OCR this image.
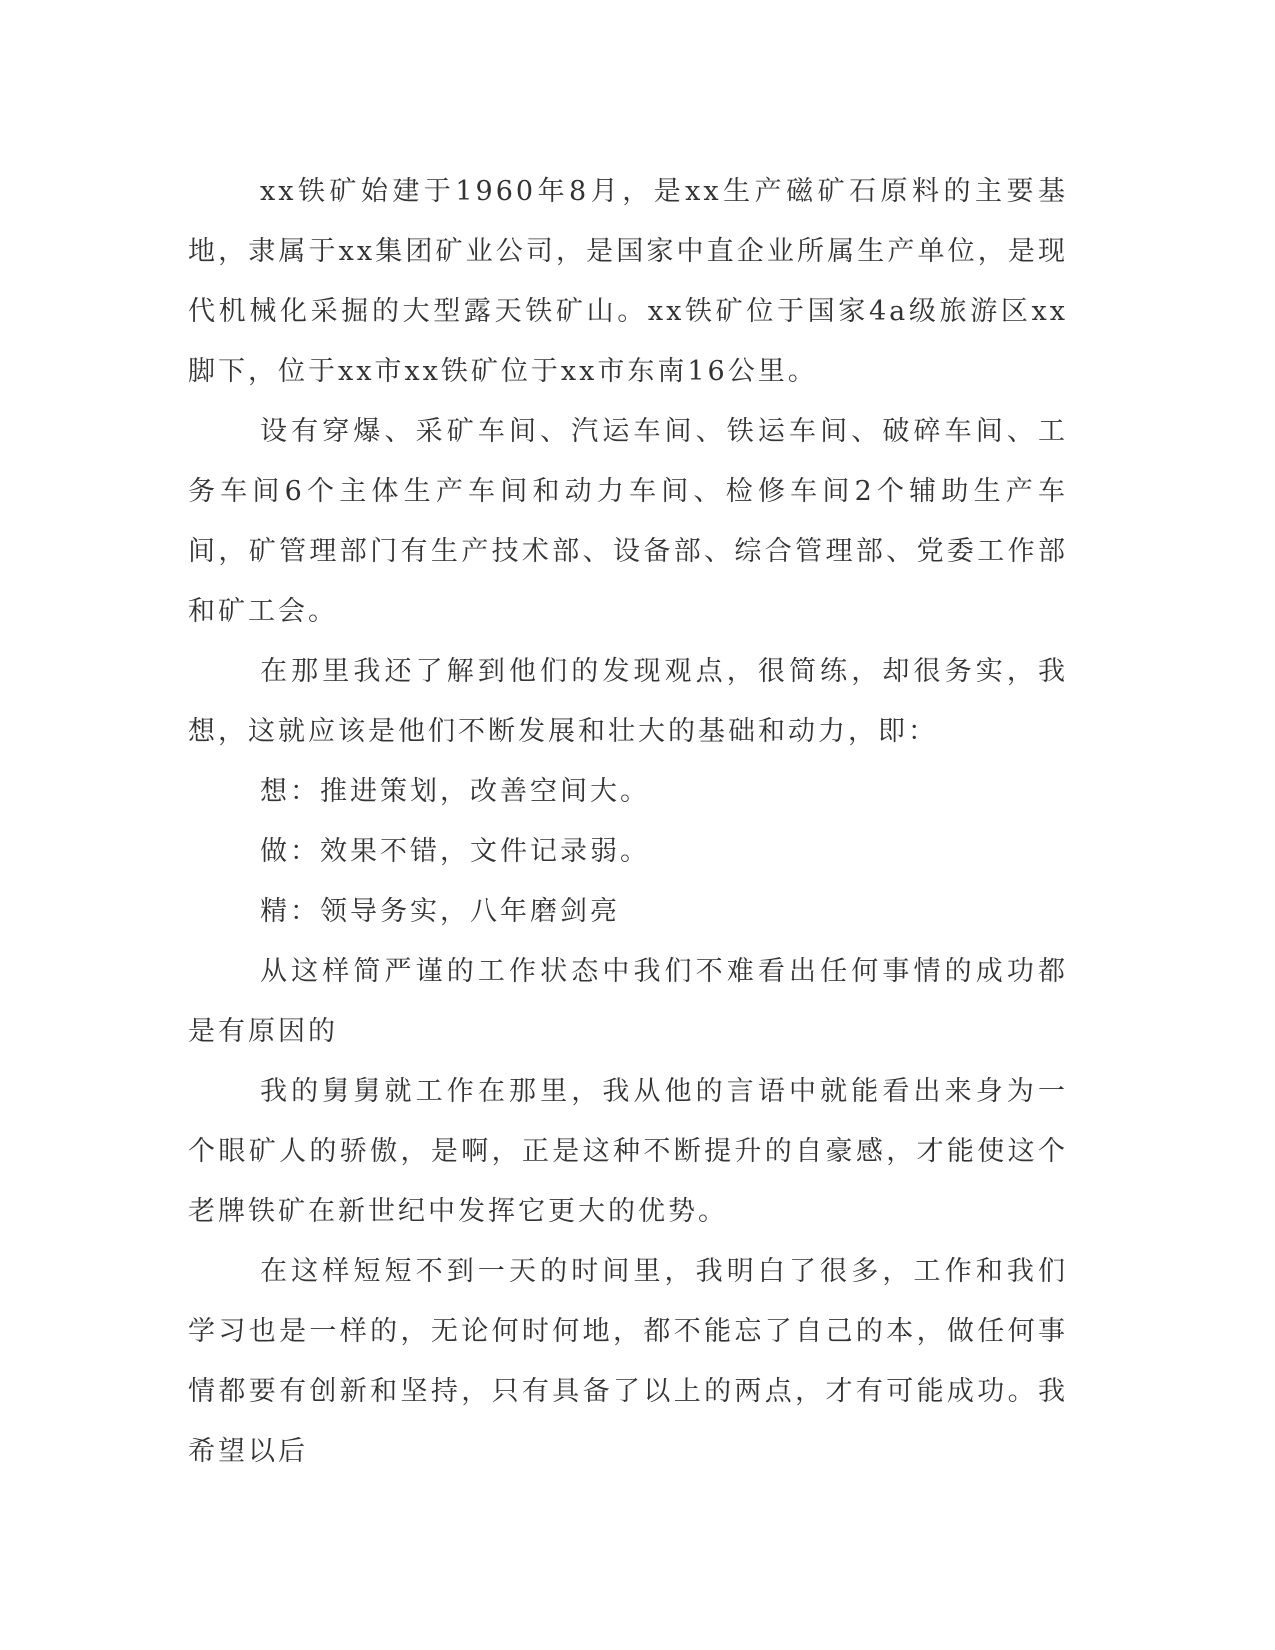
xx铁矿始建于1960年8月，是xx生产磁矿石原料的主要基地，隶属于xx集团矿业公司，是国家中直企业所属生产单位，是现代机械化采掘的大型露天铁矿山。xx铁矿位于国家4a级旅游区xx脚下，位于xx市xx铁矿位于xx市东南16公里。

设有穿爆、采矿车间、汽运车间、铁运车间、破碎车间、工务车间6个主体生产车间和动力车间、检修车间2个辅助生产车间，矿管理部门有生产技术部、设备部、综合管理部、党委工作部和矿工会。

在那里我还了解到他们的发现观点，很简练，却很务实，我想，这就应该是他们不断发展和壮大的基础和动力，即：

想：推进策划，改善空间大。

做：效果不错，文件记录弱。

精：领导务实，八年磨剑亮

从这样简严谨的工作状态中我们不难看出任何事情的成功都是有原因的

我的舅舅就工作在那里，我从他的言语中就能看出来身为一个眼矿人的骄傲，是啊，正是这种不断提升的自豪感，才能使这个老牌铁矿在新世纪中发挥它更大的优势。

在这样短短不到一天的时间里，我明白了很多，工作和我们学习也是一样的，无论何时何地，都不能忘了自己的本，做任何事情都要有创新和坚持，只有具备了以上的两点，才有可能成功。我希望以后
